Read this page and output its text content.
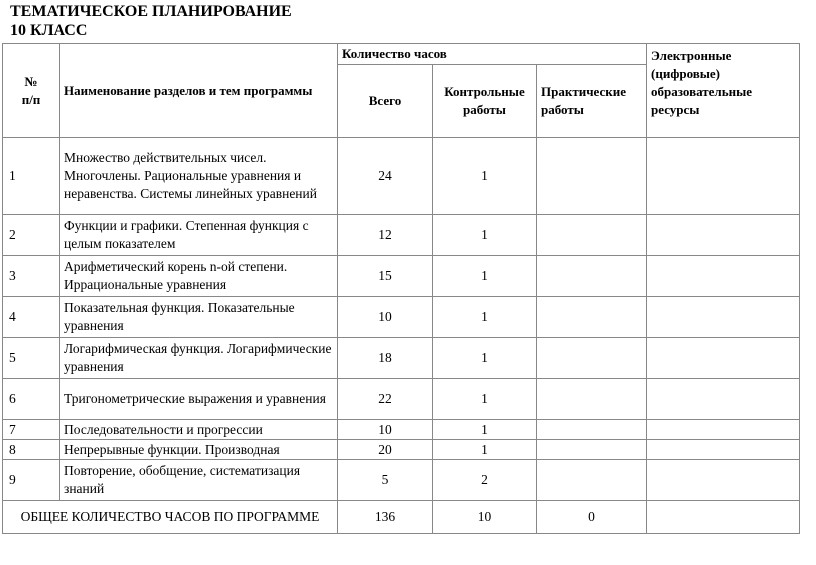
ТЕМАТИЧЕСКОЕ ПЛАНИРОВАНИЕ
10 КЛАСС
№
п/п	Наименование разделов и тем программы	Количество часов			Электронные (цифровые) образовательные ресурсы
		Всего	Контрольные работы	Практические работы	
1	Множество действительных чисел. Многочлены. Рациональные уравнения и неравенства. Системы линейных уравнений	24	1		
2	Функции и графики. Степенная функция с целым показателем	12	1		
3	Арифметический корень n-ой степени. Иррациональные уравнения	15	1		
4	Показательная функция. Показательные уравнения	10	1		
5	Логарифмическая функция. Логарифмические уравнения	18	1		
6	Тригонометрические выражения и уравнения	22	1		
7	Последовательности и прогрессии	10	1		
8	Непрерывные функции. Производная	20	1		
9	Повторение, обобщение, систематизация знаний	5	2		
ОБЩЕЕ КОЛИЧЕСТВО ЧАСОВ ПО ПРОГРАММЕ		136	10	0	
